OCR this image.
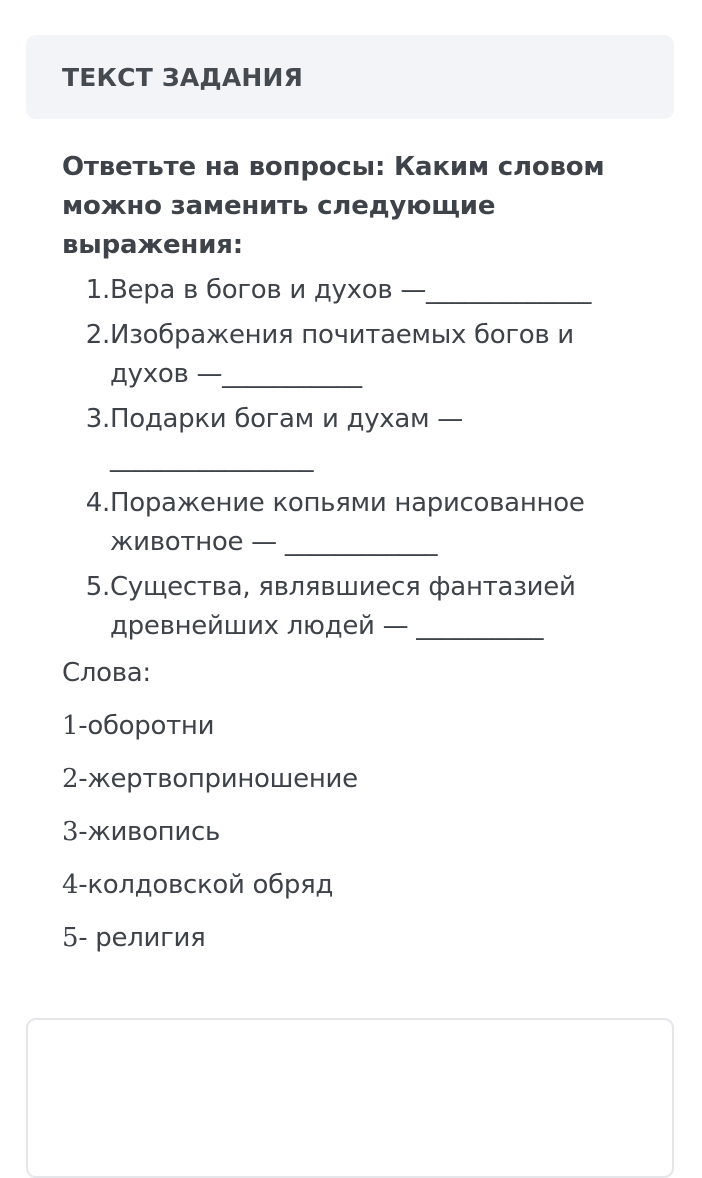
ТЕКСТ ЗАДАНИЯ

Ответьте на вопросы: Каким словом можно заменить следующие выражения:

1. Вера в богов и духов —_____________
2. Изображения почитаемых богов и духов —___________
3. Подарки богам и духам — ________________
4. Поражение копьями нарисованное животное — ____________
5. Существа, являвшиеся фантазией древнейших людей — __________
Слова:
1-оборотни
2-жертвоприношение
3-живопись
4-колдовской обряд
5- религия
